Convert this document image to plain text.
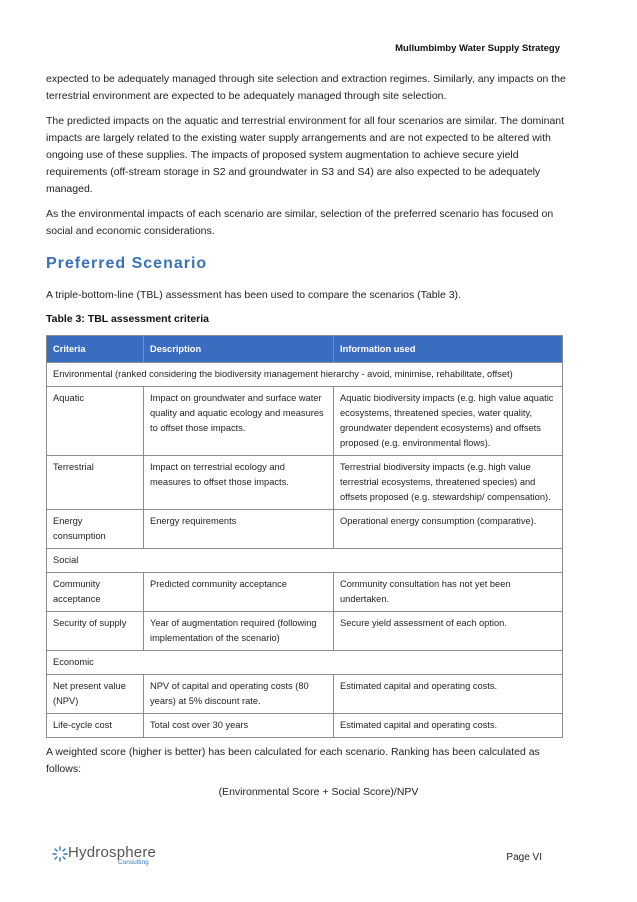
Mullumbimby Water Supply Strategy
expected to be adequately managed through site selection and extraction regimes. Similarly, any impacts on the terrestrial environment are expected to be adequately managed through site selection.
The predicted impacts on the aquatic and terrestrial environment for all four scenarios are similar. The dominant impacts are largely related to the existing water supply arrangements and are not expected to be altered with ongoing use of these supplies. The impacts of proposed system augmentation to achieve secure yield requirements (off-stream storage in S2 and groundwater in S3 and S4) are also expected to be adequately managed.
As the environmental impacts of each scenario are similar, selection of the preferred scenario has focused on social and economic considerations.
Preferred Scenario
A triple-bottom-line (TBL) assessment has been used to compare the scenarios (Table 3).
Table 3: TBL assessment criteria
Criteria	Description	Information used
Environmental (ranked considering the biodiversity management hierarchy - avoid, minimise, rehabilitate, offset)		
Aquatic	Impact on groundwater and surface water quality and aquatic ecology and measures to offset those impacts.	Aquatic biodiversity impacts (e.g. high value aquatic ecosystems, threatened species, water quality, groundwater dependent ecosystems) and offsets proposed (e.g. environmental flows).
Terrestrial	Impact on terrestrial ecology and measures to offset those impacts.	Terrestrial biodiversity impacts (e.g. high value terrestrial ecosystems, threatened species) and offsets proposed (e.g. stewardship/ compensation).
Energy consumption	Energy requirements	Operational energy consumption (comparative).
Social		
Community acceptance	Predicted community acceptance	Community consultation has not yet been undertaken.
Security of supply	Year of augmentation required (following implementation of the scenario)	Secure yield assessment of each option.
Economic		
Net present value (NPV)	NPV of capital and operating costs (80 years) at 5% discount rate.	Estimated capital and operating costs.
Life-cycle cost	Total cost over 30 years	Estimated capital and operating costs.
A weighted score (higher is better) has been calculated for each scenario. Ranking has been calculated as follows:
(Environmental Score + Social Score)/NPV
Hydrosphere
Consulting	Page VI
